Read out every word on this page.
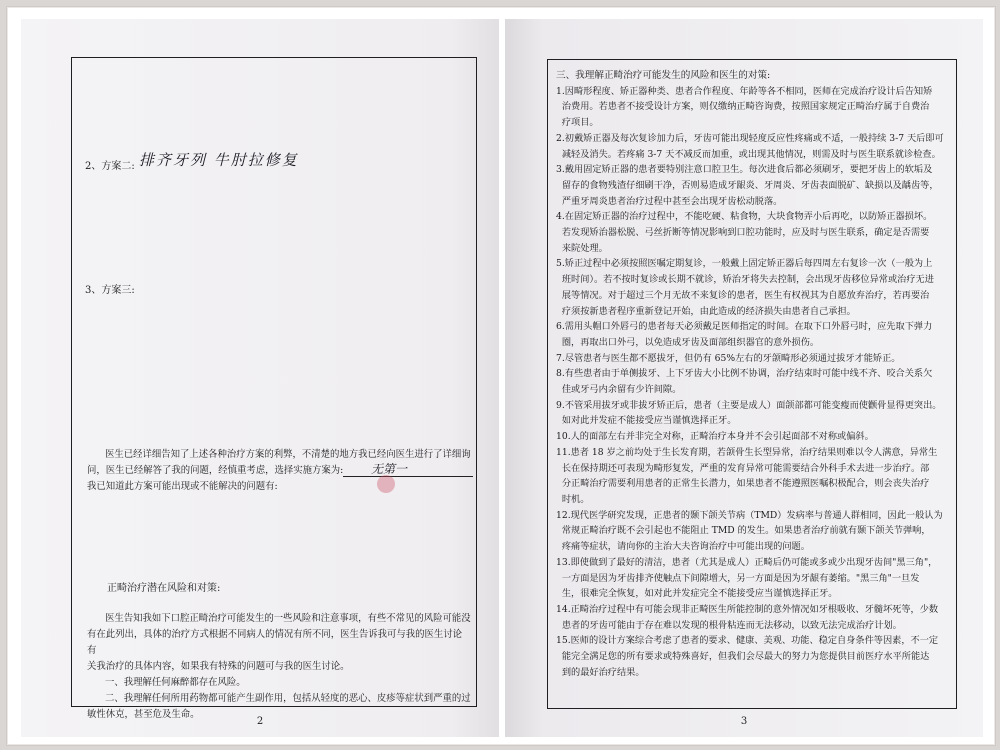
2、方案二: 排齐牙列 牛肘拉修复
3、方案三:
医生已经详细告知了上述各种治疗方案的利弊，不清楚的地方我已经向医生进行了详细询
问，医生已经解答了我的问题，经慎重考虑，选择实施方案为:
我已知道此方案可能出现或不能解决的问题有:
无第一
正畸治疗潜在风险和对策:
医生告知我如下口腔正畸治疗可能发生的一些风险和注意事项，有些不常见的风险可能没
有在此列出，具体的治疗方式根据不同病人的情况有所不同，医生告诉我可与我的医生讨论有
关我治疗的具体内容，如果我有特殊的问题可与我的医生讨论。
一、我理解任何麻醉都存在风险。
二、我理解任何所用药物都可能产生副作用，包括从轻度的恶心、皮疹等症状到严重的过
敏性休克，甚至危及生命。
2

三、我理解正畸治疗可能发生的风险和医生的对策:

1.因畸形程度、矫正器种类、患者合作程度、年龄等各不相同，医师在完成治疗设计后告知矫
治费用。若患者不接受设计方案，则仅缴纳正畸咨询费，按照国家规定正畸治疗属于自费治
疗项目。
2.初戴矫正器及每次复诊加力后，牙齿可能出现轻度反应性疼痛或不适，一般持续 3-7 天后即可
减轻及消失。若疼痛 3-7 天不减反而加重，或出现其他情况，则需及时与医生联系就诊检查。
3.戴用固定矫正器的患者要特别注意口腔卫生。每次进食后都必须刷牙，要把牙齿上的软垢及
留存的食物残渣仔细刷干净，否则易造成牙龈炎、牙周炎、牙齿表面脱矿、缺损以及龋齿等，
严重牙周炎患者治疗过程中甚至会出现牙齿松动脱落。
4.在固定矫正器的治疗过程中，不能吃硬、粘食物，大块食物弄小后再吃，以防矫正器损坏。
若发现矫治器松脱、弓丝折断等情况影响到口腔功能时，应及时与医生联系，确定是否需要
来院处理。
5.矫正过程中必须按照医嘱定期复诊，一般戴上固定矫正器后每四周左右复诊一次（一般为上
班时间）。若不按时复诊或长期不就诊，矫治牙将失去控制，会出现牙齿移位异常或治疗无进
展等情况。对于超过三个月无故不来复诊的患者，医生有权视其为自愿放弃治疗，若再要治
疗须按新患者程序重新登记开始，由此造成的经济损失由患者自己承担。
6.需用头帽口外唇弓的患者每天必须戴足医师指定的时间。在取下口外唇弓时，应先取下弹力
圈，再取出口外弓，以免造成牙齿及面部组织器官的意外损伤。
7.尽管患者与医生都不愿拔牙，但仍有 65%左右的牙颌畸形必须通过拔牙才能矫正。
8.有些患者由于单侧拔牙、上下牙齿大小比例不协调，治疗结束时可能中线不齐、咬合关系欠
佳或牙弓内余留有少许间隙。
9.不管采用拔牙或非拔牙矫正后，患者（主要是成人）面颌部都可能变瘦而使颧骨显得更突出。
如对此并发症不能接受应当谨慎选择正牙。
10.人的面部左右并非完全对称，正畸治疗本身并不会引起面部不对称或偏斜。
11.患者 18 岁之前均处于生长发育期，若颌骨生长型异常，治疗结果则难以令人满意，异常生
长在保持期还可表现为畸形复发，严重的发育异常可能需要结合外科手术去进一步治疗。部
分正畸治疗需要利用患者的正常生长潜力，如果患者不能遵照医嘱积极配合，则会丧失治疗
时机。
12.现代医学研究发现，正患者的颞下颌关节病（TMD）发病率与普通人群相同，因此一般认为
常规正畸治疗既不会引起也不能阻止 TMD 的发生。如果患者治疗前就有颞下颌关节弹响，
疼痛等症状，请向你的主治大夫咨询治疗中可能出现的问题。
13.即使做到了最好的清洁，患者（尤其是成人）正畸后仍可能或多或少出现牙齿间"黑三角"，
一方面是因为牙齿排齐使触点下间隙增大，另一方面是因为牙龈有萎缩。"黑三角"一旦发
生，很难完全恢复，如对此并发症完全不能接受应当谨慎选择正牙。
14.正畸治疗过程中有可能会现非正畸医生所能控制的意外情况如牙根吸收、牙髓坏死等，少数
患者的牙齿可能由于存在难以发现的根骨粘连而无法移动，以致无法完成治疗计划。
15.医师的设计方案综合考虑了患者的要求、健康、美观、功能、稳定自身条件等因素，不一定
能完全满足您的所有要求或特殊喜好，但我们会尽最大的努力为您提供目前医疗水平所能达
到的最好治疗结果。
3
